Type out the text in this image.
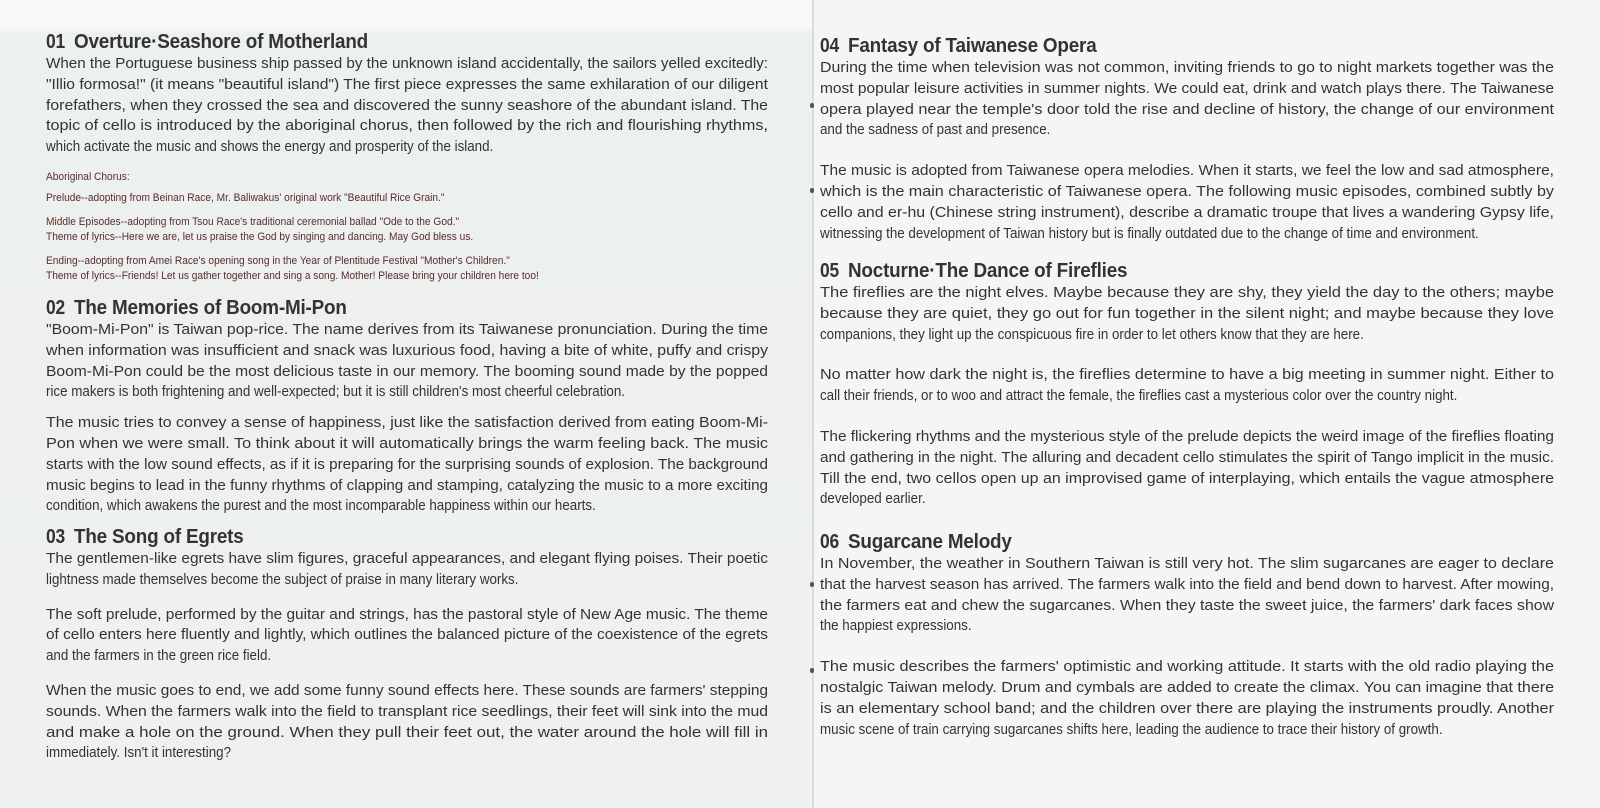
01 Overture·Seashore of Motherland
When the Portuguese business ship passed by the unknown island accidentally, the sailors yelled excitedly:
"Illio formosa!" (it means "beautiful island") The first piece expresses the same exhilaration of our diligent
forefathers, when they crossed the sea and discovered the sunny seashore of the abundant island. The
topic of cello is introduced by the aboriginal chorus, then followed by the rich and flourishing rhythms,
which activate the music and shows the energy and prosperity of the island.
Aboriginal Chorus:
Prelude--adopting from Beinan Race, Mr. Baliwakus' original work "Beautiful Rice Grain."
Middle Episodes--adopting from Tsou Race's traditional ceremonial ballad "Ode to the God."
Theme of lyrics--Here we are, let us praise the God by singing and dancing. May God bless us.
Ending--adopting from Amei Race's opening song in the Year of Plentitude Festival "Mother's Children."
Theme of lyrics--Friends! Let us gather together and sing a song. Mother! Please bring your children here too!
02 The Memories of Boom-Mi-Pon
"Boom-Mi-Pon" is Taiwan pop-rice. The name derives from its Taiwanese pronunciation. During the time
when information was insufficient and snack was luxurious food, having a bite of white, puffy and crispy
Boom-Mi-Pon could be the most delicious taste in our memory. The booming sound made by the popped
rice makers is both frightening and well-expected; but it is still children's most cheerful celebration.
The music tries to convey a sense of happiness, just like the satisfaction derived from eating Boom-Mi-
Pon when we were small. To think about it will automatically brings the warm feeling back. The music
starts with the low sound effects, as if it is preparing for the surprising sounds of explosion. The background
music begins to lead in the funny rhythms of clapping and stamping, catalyzing the music to a more exciting
condition, which awakens the purest and the most incomparable happiness within our hearts.
03 The Song of Egrets
The gentlemen-like egrets have slim figures, graceful appearances, and elegant flying poises. Their poetic
lightness made themselves become the subject of praise in many literary works.
The soft prelude, performed by the guitar and strings, has the pastoral style of New Age music. The theme
of cello enters here fluently and lightly, which outlines the balanced picture of the coexistence of the egrets
and the farmers in the green rice field.
When the music goes to end, we add some funny sound effects here. These sounds are farmers' stepping
sounds. When the farmers walk into the field to transplant rice seedlings, their feet will sink into the mud
and make a hole on the ground. When they pull their feet out, the water around the hole will fill in
immediately. Isn't it interesting?
04 Fantasy of Taiwanese Opera
During the time when television was not common, inviting friends to go to night markets together was the
most popular leisure activities in summer nights. We could eat, drink and watch plays there. The Taiwanese
opera played near the temple's door told the rise and decline of history, the change of our environment
and the sadness of past and presence.
The music is adopted from Taiwanese opera melodies. When it starts, we feel the low and sad atmosphere,
which is the main characteristic of Taiwanese opera. The following music episodes, combined subtly by
cello and er-hu (Chinese string instrument), describe a dramatic troupe that lives a wandering Gypsy life,
witnessing the development of Taiwan history but is finally outdated due to the change of time and environment.
05 Nocturne·The Dance of Fireflies
The fireflies are the night elves. Maybe because they are shy, they yield the day to the others; maybe
because they are quiet, they go out for fun together in the silent night; and maybe because they love
companions, they light up the conspicuous fire in order to let others know that they are here.
No matter how dark the night is, the fireflies determine to have a big meeting in summer night. Either to
call their friends, or to woo and attract the female, the fireflies cast a mysterious color over the country night.
The flickering rhythms and the mysterious style of the prelude depicts the weird image of the fireflies floating
and gathering in the night. The alluring and decadent cello stimulates the spirit of Tango implicit in the music.
Till the end, two cellos open up an improvised game of interplaying, which entails the vague atmosphere
developed earlier.
06 Sugarcane Melody
In November, the weather in Southern Taiwan is still very hot. The slim sugarcanes are eager to declare
that the harvest season has arrived. The farmers walk into the field and bend down to harvest. After mowing,
the farmers eat and chew the sugarcanes. When they taste the sweet juice, the farmers' dark faces show
the happiest expressions.
The music describes the farmers' optimistic and working attitude. It starts with the old radio playing the
nostalgic Taiwan melody. Drum and cymbals are added to create the climax. You can imagine that there
is an elementary school band; and the children over there are playing the instruments proudly. Another
music scene of train carrying sugarcanes shifts here, leading the audience to trace their history of growth.
